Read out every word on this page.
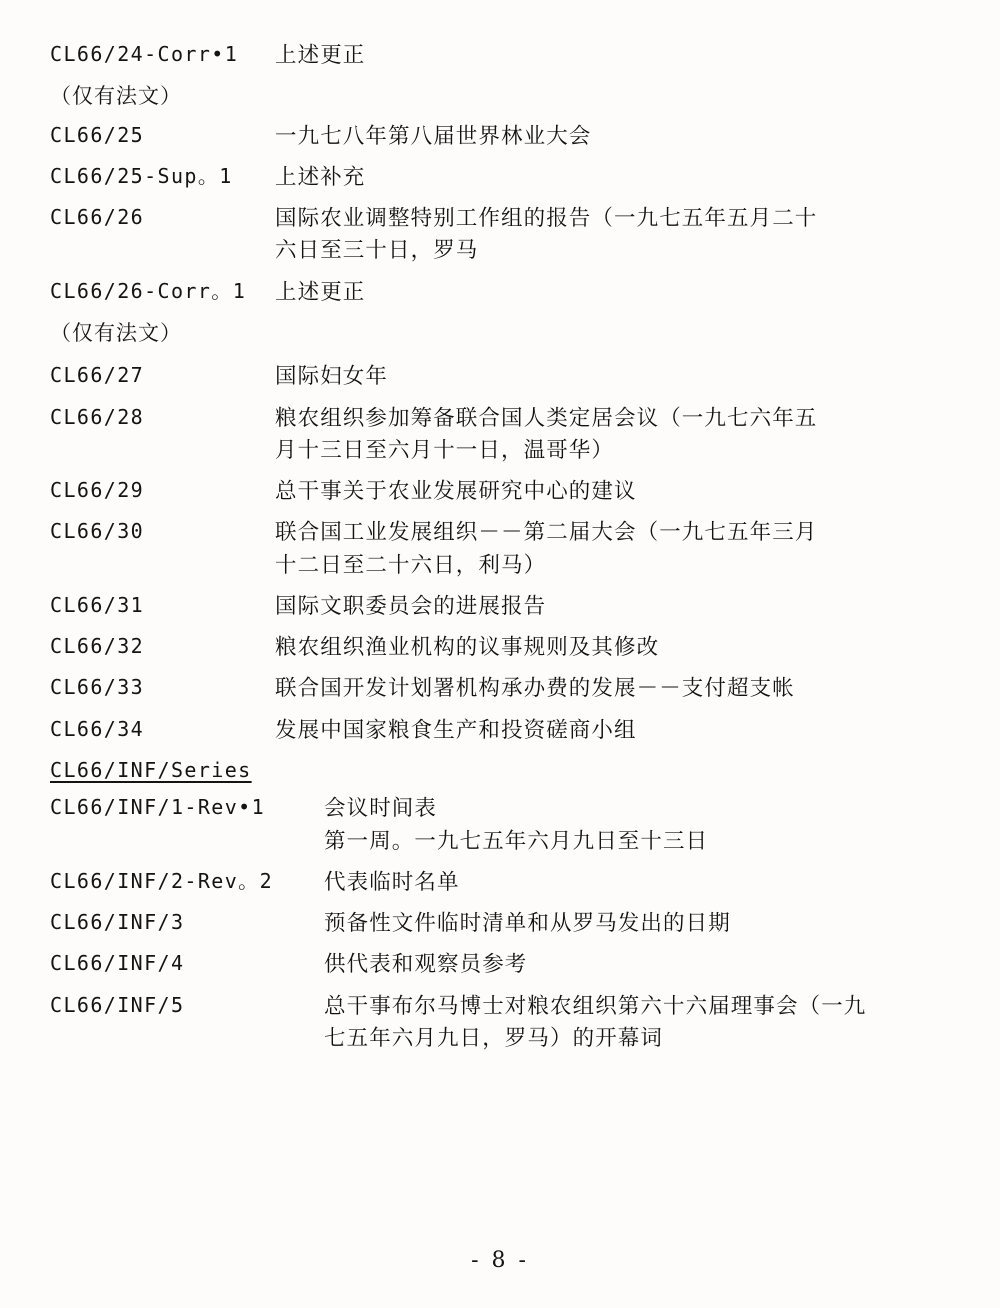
CL66/24-Corr•1	上述更正
（仅有法文）
CL66/25	一九七八年第八届世界林业大会
CL66/25-Sup。1	上述补充
CL66/26	国际农业调整特别工作组的报告（一九七五年五月二十
六日至三十日，罗马
CL66/26-Corr。1	上述更正
（仅有法文）
CL66/27	国际妇女年
CL66/28	粮农组织参加筹备联合国人类定居会议（一九七六年五
月十三日至六月十一日，温哥华）
CL66/29	总干事关于农业发展研究中心的建议
CL66/30	联合国工业发展组织－－第二届大会（一九七五年三月
十二日至二十六日，利马）
CL66/31	国际文职委员会的进展报告
CL66/32	粮农组织渔业机构的议事规则及其修改
CL66/33	联合国开发计划署机构承办费的发展－－支付超支帐
CL66/34	发展中国家粮食生产和投资磋商小组
CL66/INF/Series
CL66/INF/1-Rev•1	会议时间表
第一周。一九七五年六月九日至十三日
CL66/INF/2-Rev。2	代表临时名单
CL66/INF/3	预备性文件临时清单和从罗马发出的日期
CL66/INF/4	供代表和观察员参考
CL66/INF/5	总干事布尔马博士对粮农组织第六十六届理事会（一九
七五年六月九日，罗马）的开幕词
- 8 -
